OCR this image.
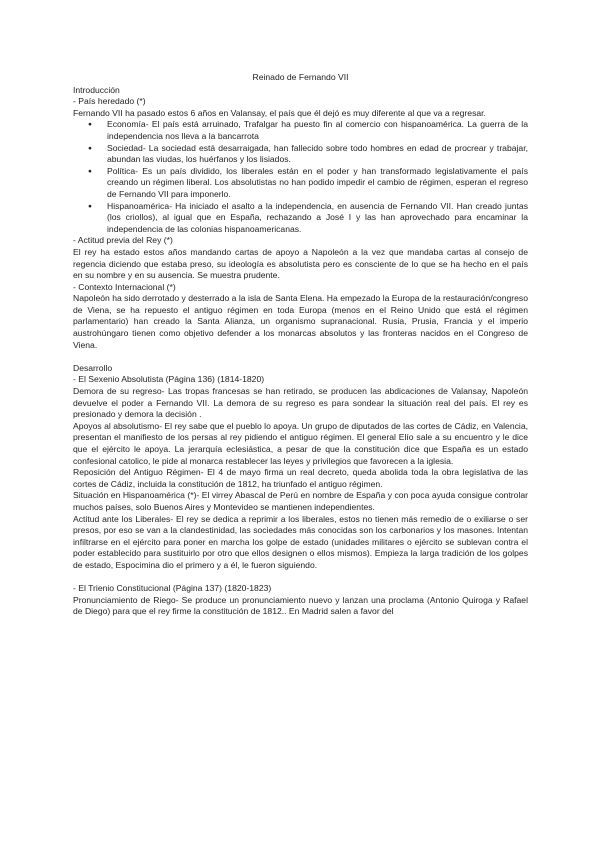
Reinado de Fernando VII
Introducción
- País heredado (*)

Fernando VII ha pasado estos 6 años en Valansay, el país que él dejó es muy diferente al que va a regresar.

● Economía- El país está arruinado, Trafalgar ha puesto fin al comercio con hispanoamérica. La guerra de la independencia nos lleva a la bancarrota
● Sociedad- La sociedad está desarraigada, han fallecido sobre todo hombres en edad de procrear y trabajar, abundan las viudas, los huérfanos y los lisiados.
● Política- Es un país dividido, los liberales están en el poder y han transformado legislativamente el país creando un régimen liberal. Los absolutistas no han podido impedir el cambio de régimen, esperan el regreso de Fernando VII para imponerlo.
● Hispanoamérica- Ha iniciado el asalto a la independencia, en ausencia de Fernando VII. Han creado juntas (los criollos), al igual que en España, rechazando a José I y las han aprovechado para encaminar la independencia de las colonias hispanoamericanas.
- Actitud previa del Rey (*)

El rey ha estado estos años mandando cartas de apoyo a Napoleón a la vez que mandaba cartas al consejo de regencia diciendo que estaba preso, su ideología es absolutista pero es consciente de lo que se ha hecho en el país en su nombre y en su ausencia. Se muestra prudente.

- Contexto Internacional (*)

Napoleón ha sido derrotado y desterrado a la isla de Santa Elena. Ha empezado la Europa de la restauración/congreso de Viena, se ha repuesto el antiguo régimen en toda Europa (menos en el Reino Unido que está el régimen parlamentario) han creado la Santa Alianza, un organismo supranacional. Rusia, Prusia, Francia y el imperio austrohúngaro tienen como objetivo defender a los monarcas absolutos y las fronteras nacidos en el Congreso de Viena.

Desarrollo
- El Sexenio Absolutista (Página 136) (1814-1820)

Demora de su regreso- Las tropas francesas se han retirado, se producen las abdicaciones de Valansay, Napoleón devuelve el poder a Fernando VII. La demora de su regreso es para sondear la situación real del país. El rey es presionado y demora la decisión .

Apoyos al absolutismo- El rey sabe que el pueblo lo apoya. Un grupo de diputados de las cortes de Cádiz, en Valencia, presentan el manifiesto de los persas al rey pidiendo el antiguo régimen. El general Elío sale a su encuentro y le dice que el ejército le apoya. La jerarquía eclesiástica, a pesar de que la constitución dice que España es un estado confesional catolico, le pide al monarca restablecer las leyes y privilegios que favorecen a la iglesia.

Reposición del Antiguo Régimen- El 4 de mayo firma un real decreto, queda abolida toda la obra legislativa de las cortes de Cádiz, incluida la constitución de 1812, ha triunfado el antiguo régimen.

Situación en Hispanoamérica (*)- El virrey Abascal de Perú en nombre de España y con poca ayuda consigue controlar muchos países, solo Buenos Aires y Montevideo se mantienen independientes.

Actitud ante los Liberales- El rey se dedica a reprimir a los liberales, estos no tienen más remedio de o exiliarse o ser presos, por eso se van a la clandestinidad, las sociedades más conocidas son los carbonarios y los masones. Intentan infiltrarse en el ejército para poner en marcha los golpe de estado (unidades militares o ejército se sublevan contra el poder establecido para sustituirlo por otro que ellos designen o ellos mismos). Empieza la larga tradición de los golpes de estado, Espocimina dio el primero y a él, le fueron siguiendo.

- El Trienio Constitucional (Página 137) (1820-1823)

Pronunciamiento de Riego- Se produce un pronunciamiento nuevo y lanzan una proclama (Antonio Quiroga y Rafael de Diego) para que el rey firme la constitución de 1812.. En Madrid salen a favor del
